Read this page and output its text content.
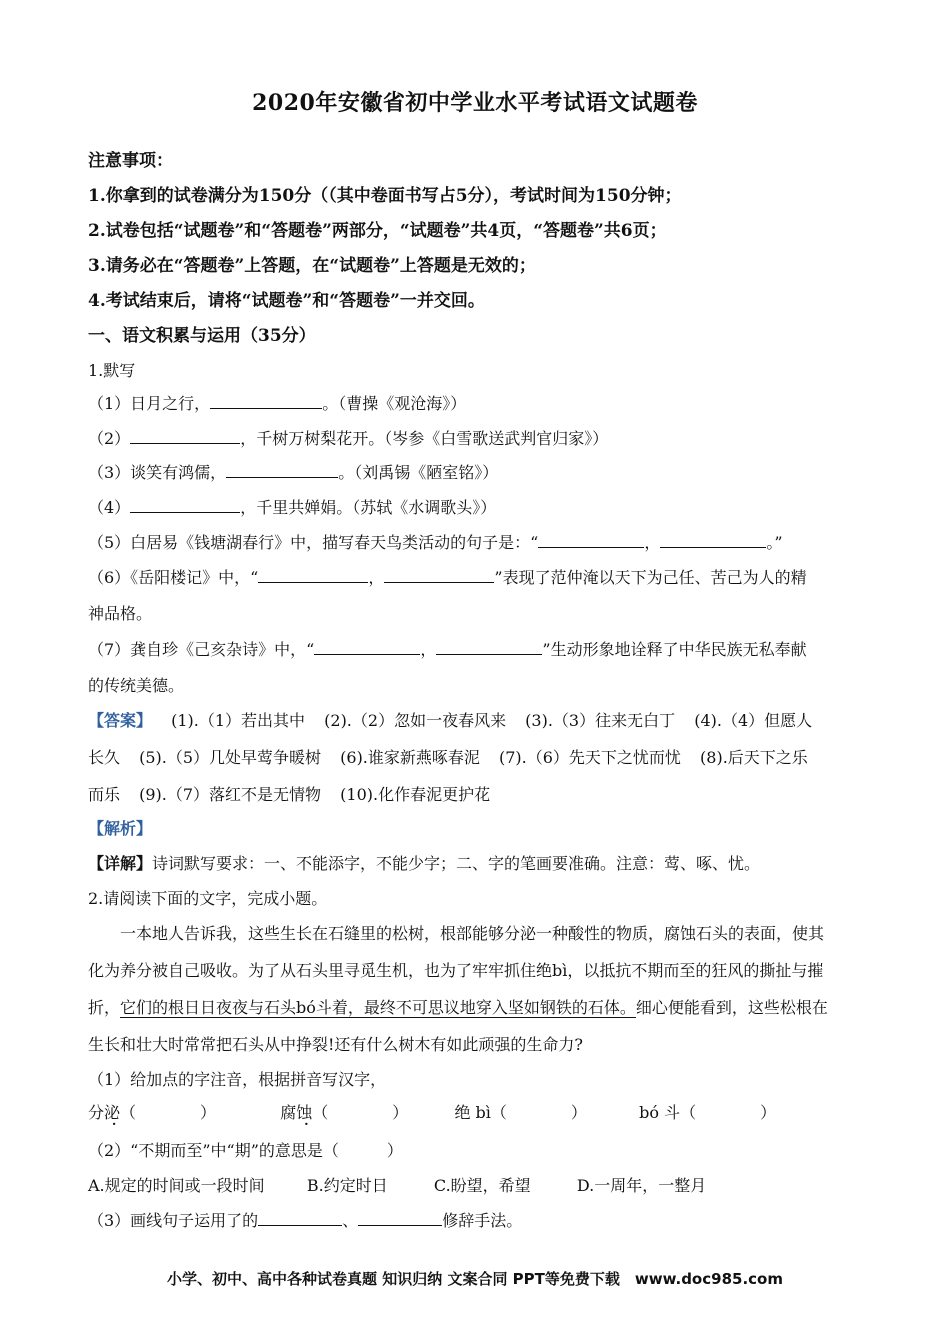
2020年安徽省初中学业水平考试语文试题卷
注意事项：
1.你拿到的试卷满分为150分（（其中卷面书写占5分），考试时间为150分钟；
2.试卷包括“试题卷”和“答题卷”两部分，“试题卷”共4页，“答题卷”共6页；
3.请务必在“答题卷”上答题，在“试题卷”上答题是无效的；
4.考试结束后，请将“试题卷”和“答题卷”一并交回。
一、语文积累与运用（35分）
1.默写
（1）日月之行，	。（曹操《观沧海》）
（2）	，千树万树梨花开。（岑参《白雪歌送武判官归家》）
（3）谈笑有鸿儒，	。（刘禹锡《陋室铭》）
（4）	，千里共婵娟。（苏轼《水调歌头》）
（5）白居易《钱塘湖春行》中，描写春天鸟类活动的句子是：“	，	。”
（6）《岳阳楼记》中，“	，	”表现了范仲淹以天下为己任、苦己为人的精
神品格。
（7）龚自珍《己亥杂诗》中，“	，	”生动形象地诠释了中华民族无私奉献
的传统美德。
【答案】 (1).（1）若出其中 (2).（2）忽如一夜春风来 (3).（3）往来无白丁 (4).（4）但愿人
长久 (5).（5）几处早莺争暖树 (6).谁家新燕啄春泥 (7).（6）先天下之忧而忧 (8).后天下之乐
而乐 (9).（7）落红不是无情物 (10).化作春泥更护花
【解析】
【详解】诗词默写要求：一、不能添字，不能少字；二、字的笔画要准确。注意：莺、啄、忧。
2.请阅读下面的文字，完成小题。
一本地人告诉我，这些生长在石缝里的松树，根部能够分泌一种酸性的物质，腐蚀石头的表面，使其
化为养分被自己吸收。为了从石头里寻觅生机，也为了牢牢抓住绝bì，以抵抗不期而至的狂风的撕扯与摧
折，它们的根日日夜夜与石头bó斗着，最终不可思议地穿入坚如钢铁的石体。细心便能看到，这些松根在
生长和壮大时常常把石头从中挣裂!还有什么树木有如此顽强的生命力?
（1）给加点的字注音，根据拼音写汉字，
分泌（　　　　）	腐蚀（　　　　）	绝 bì（　　　　）	bó 斗（　　　　）
（2）“不期而至”中“期”的意思是（　　　）
A.规定的时间或一段时间	B.约定时日	C.盼望，希望	D.一周年，一整月
（3）画线句子运用了的	、	修辞手法。
小学、初中、高中各种试卷真题 知识归纳 文案合同 PPT等免费下载　www.doc985.com
